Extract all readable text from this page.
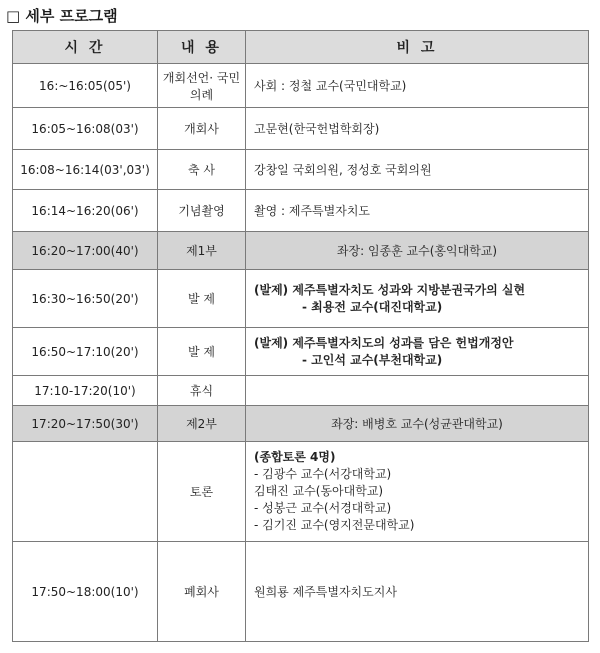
□ 세부 프로그램
시 간	내 용	비 고
16:~16:05(05')	개회선언· 국민의례	사회 : 정철 교수(국민대학교)
16:05~16:08(03')	개회사	고문현(한국헌법학회장)
16:08~16:14(03',03')	축 사	강창일 국회의원, 정성호 국회의원
16:14~16:20(06')	기념촬영	촬영 : 제주특별자치도
16:20~17:00(40')	제1부	좌장: 임종훈 교수(홍익대학교)
16:30~16:50(20')	발 제	(발제) 제주특별자치도 성과와 지방분권국가의 실현
- 최용전 교수(대진대학교)

16:50~17:10(20')	발 제	(발제) 제주특별자치도의 성과를 담은 헌법개정안
- 고인석 교수(부천대학교)

17:10-17:20(10')	휴식	
17:20~17:50(30')	제2부	좌장: 배병호 교수(성균관대학교)
	토론	(종합토론 4명)
- 김광수 교수(서강대학교)
김태진 교수(동아대학교)
- 성봉근 교수(서경대학교)
- 김기진 교수(영지전문대학교)

17:50~18:00(10')	폐회사	원희룡 제주특별자치도지사
